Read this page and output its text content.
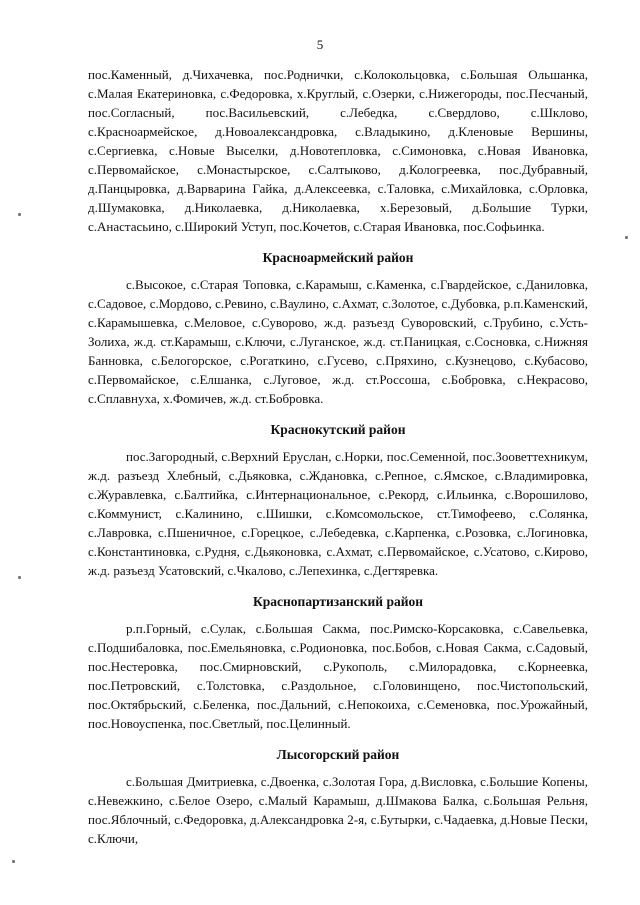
5

пос.Каменный, д.Чихачевка, пос.Роднички, с.Колокольцовка, с.Большая Ольшанка, с.Малая Екатериновка, с.Федоровка, х.Круглый, с.Озерки, с.Нижегороды, пос.Песчаный, пос.Согласный, пос.Васильевский, с.Лебедка, с.Свердлово, с.Шклово, с.Красноармейское, д.Новоалександровка, с.Владыкино, д.Кленовые Вершины, с.Сергиевка, с.Новые Выселки, д.Новотепловка, с.Симоновка, с.Новая Ивановка, с.Первомайское, с.Монастырское, с.Салтыково, д.Кологреевка, пос.Дубравный, д.Панцыровка, д.Варварина Гайка, д.Алексеевка, с.Таловка, с.Михайловка, с.Орловка, д.Шумаковка, д.Николаевка, д.Николаевка, х.Березовый, д.Большие Турки, с.Анастасьино, с.Широкий Уступ, пос.Кочетов, с.Старая Ивановка, пос.Софьинка.

Красноармейский район

с.Высокое, с.Старая Топовка, с.Карамыш, с.Каменка, с.Гвардейское, с.Даниловка, с.Садовое, с.Мордово, с.Ревино, с.Ваулино, с.Ахмат, с.Золотое, с.Дубовка, р.п.Каменский, с.Карамышевка, с.Меловое, с.Суворово, ж.д. разъезд Суворовский, с.Трубино, с.Усть-Золиха, ж.д. ст.Карамыш, с.Ключи, с.Луганское, ж.д. ст.Паницкая, с.Сосновка, с.Нижняя Банновка, с.Белогорское, с.Рогаткино, с.Гусево, с.Пряхино, с.Кузнецово, с.Кубасово, с.Первомайское, с.Елшанка, с.Луговое, ж.д. ст.Россоша, с.Бобровка, с.Некрасово, с.Сплавнуха, х.Фомичев, ж.д. ст.Бобровка.

Краснокутский район

пос.Загородный, с.Верхний Еруслан, с.Норки, пос.Семенной, пос.Зооветтехникум, ж.д. разъезд Хлебный, с.Дьяковка, с.Ждановка, с.Репное, с.Ямское, с.Владимировка, с.Журавлевка, с.Балтийка, с.Интернациональное, с.Рекорд, с.Ильинка, с.Ворошилово, с.Коммунист, с.Калинино, с.Шишки, с.Комсомольское, ст.Тимофеево, с.Солянка, с.Лавровка, с.Пшеничное, с.Горецкое, с.Лебедевка, с.Карпенка, с.Розовка, с.Логиновка, с.Константиновка, с.Рудня, с.Дьяконовка, с.Ахмат, с.Первомайское, с.Усатово, с.Кирово, ж.д. разъезд Усатовский, с.Чкалово, с.Лепехинка, с.Дегтяревка.

Краснопартизанский район

р.п.Горный, с.Сулак, с.Большая Сакма, пос.Римско-Корсаковка, с.Савельевка, с.Подшибаловка, пос.Емельяновка, с.Родионовка, пос.Бобов, с.Новая Сакма, с.Садовый, пос.Нестеровка, пос.Смирновский, с.Рукополь, с.Милорадовка, с.Корнеевка, пос.Петровский, с.Толстовка, с.Раздольное, с.Головинщено, пос.Чистопольский, пос.Октябрьский, с.Беленка, пос.Дальний, с.Непокоиха, с.Семеновка, пос.Урожайный, пос.Новоуспенка, пос.Светлый, пос.Целинный.

Лысогорский район

с.Большая Дмитриевка, с.Двоенка, с.Золотая Гора, д.Висловка, с.Большие Копены, с.Невежкино, с.Белое Озеро, с.Малый Карамыш, д.Шмакова Балка, с.Большая Рельня, пос.Яблочный, с.Федоровка, д.Александровка 2-я, с.Бутырки, с.Чадаевка, д.Новые Пески, с.Ключи,
